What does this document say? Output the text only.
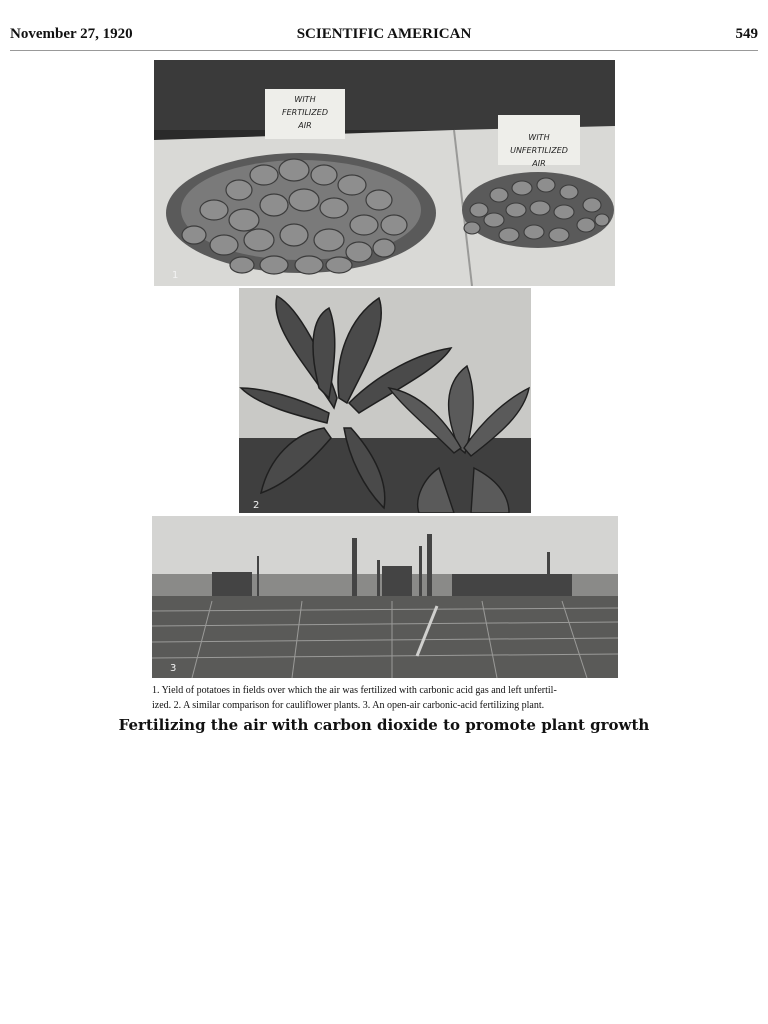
November 27, 1920	SCIENTIFIC AMERICAN	549
WITH
FERTILIZED
AIR
WITH
UNFERTILIZED
AIR
1
2
3
1. Yield of potatoes in fields over which the air was fertilized with carbonic acid gas and left unfertil-
ized. 2. A similar comparison for cauliflower plants. 3. An open-air carbonic-acid fertilizing plant.
Fertilizing the air with carbon dioxide to promote plant growth
